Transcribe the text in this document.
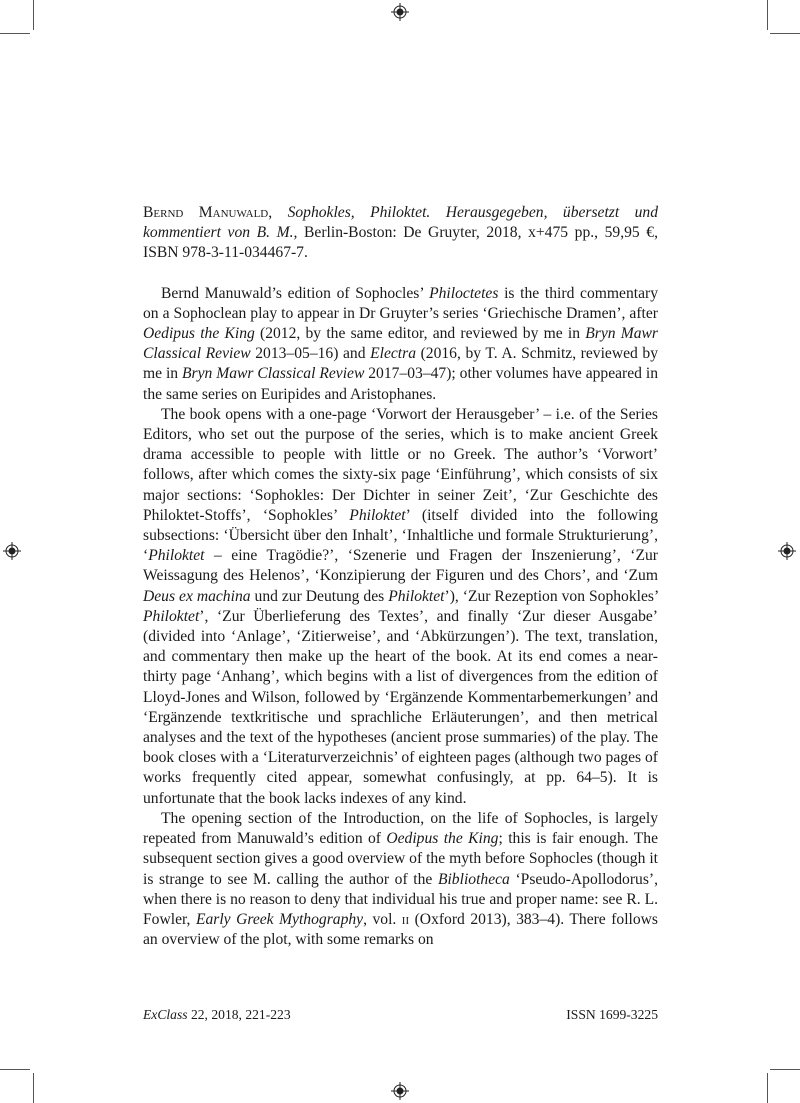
Bernd Manuwald, Sophokles, Philoktet. Herausgegeben, übersetzt und kommentiert von B. M., Berlin-Boston: De Gruyter, 2018, x+475 pp., 59,95 €, ISBN 978-3-11-034467-7.

Bernd Manuwald’s edition of Sophocles’ Philoctetes is the third commentary on a Sophoclean play to appear in Dr Gruyter’s series ‘Griechische Dramen’, after Oedipus the King (2012, by the same editor, and reviewed by me in Bryn Mawr Classical Review 2013–05–16) and Electra (2016, by T. A. Schmitz, reviewed by me in Bryn Mawr Classical Review 2017–03–47); other volumes have appeared in the same series on Euripides and Aristophanes.

The book opens with a one-page ‘Vorwort der Herausgeber’ – i.e. of the Series Editors, who set out the purpose of the series, which is to make ancient Greek drama accessible to people with little or no Greek. The author’s ‘Vorwort’ follows, after which comes the sixty-six page ‘Einführung’, which consists of six major sections: ‘Sophokles: Der Dichter in seiner Zeit’, ‘Zur Geschichte des Philoktet-Stoffs’, ‘Sophokles’ Philoktet’ (itself divided into the following subsections: ‘Übersicht über den Inhalt’, ‘Inhaltliche und formale Strukturierung’, ‘Philoktet – eine Tragödie?’, ‘Szenerie und Fragen der Inszenierung’, ‘Zur Weissagung des Helenos’, ‘Konzipierung der Figuren und des Chors’, and ‘Zum Deus ex machina und zur Deutung des Philoktet’), ‘Zur Rezeption von Sophokles’ Philoktet’, ‘Zur Überlieferung des Textes’, and finally ‘Zur dieser Ausgabe’ (divided into ‘Anlage’, ‘Zitierweise’, and ‘Abkürzungen’). The text, translation, and commentary then make up the heart of the book. At its end comes a near-thirty page ‘Anhang’, which begins with a list of divergences from the edition of Lloyd-Jones and Wilson, followed by ‘Ergänzende Kommentarbemerkungen’ and ‘Ergänzende textkritische und sprachliche Erläuterungen’, and then metrical analyses and the text of the hypotheses (ancient prose summaries) of the play. The book closes with a ‘Literaturverzeichnis’ of eighteen pages (although two pages of works frequently cited appear, somewhat confusingly, at pp. 64–5). It is unfortunate that the book lacks indexes of any kind.

The opening section of the Introduction, on the life of Sophocles, is largely repeated from Manuwald’s edition of Oedipus the King; this is fair enough. The subsequent section gives a good overview of the myth before Sophocles (though it is strange to see M. calling the author of the Bibliotheca ‘Pseudo-Apollodorus’, when there is no reason to deny that individual his true and proper name: see R. L. Fowler, Early Greek Mythography, vol. ii (Oxford 2013), 383–4). There follows an overview of the plot, with some remarks on

ExClass 22, 2018, 221-223	ISSN 1699-3225
